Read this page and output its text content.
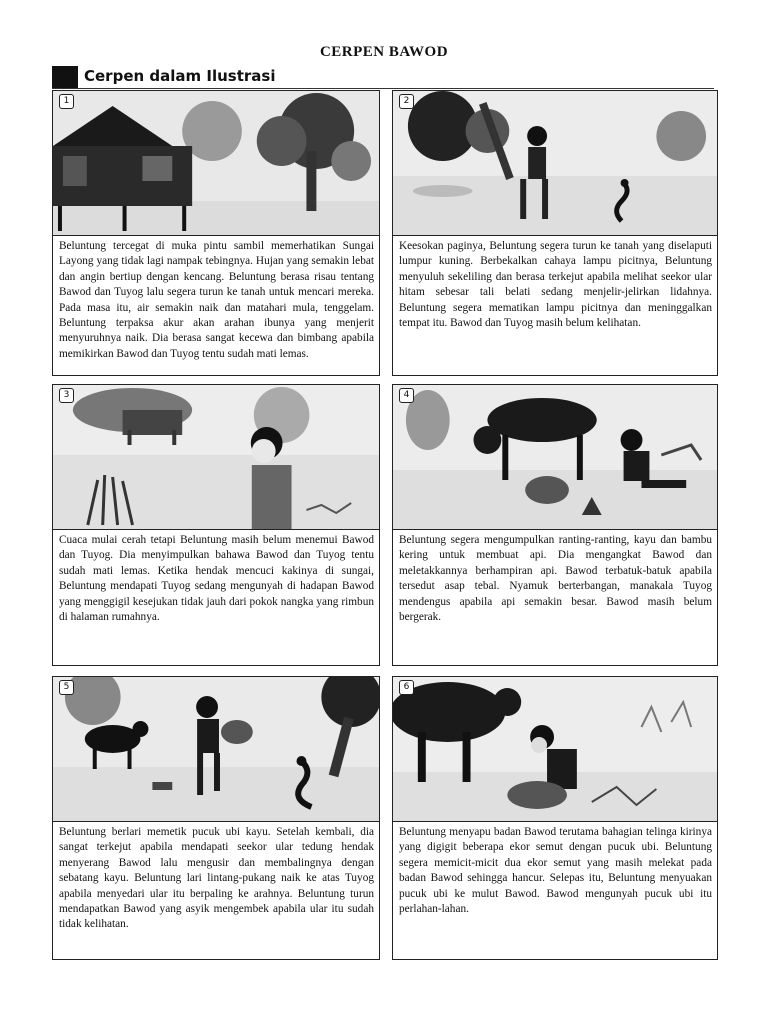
CERPEN BAWOD
Cerpen dalam Ilustrasi
1
Beluntung tercegat di muka pintu sambil memerhatikan Sungai Layong yang tidak lagi nampak tebingnya. Hujan yang semakin lebat dan angin bertiup dengan kencang. Beluntung berasa risau tentang Bawod dan Tuyog lalu segera turun ke tanah untuk mencari mereka. Pada masa itu, air semakin naik dan matahari mula, tenggelam. Beluntung terpaksa akur akan arahan ibunya yang menjerit menyuruhnya naik. Dia berasa sangat kecewa dan bimbang apabila memikirkan Bawod dan Tuyog tentu sudah mati lemas.
2
Keesokan paginya, Beluntung segera turun ke tanah yang diselaputi lumpur kuning. Berbekalkan cahaya lampu picitnya, Beluntung menyuluh sekeliling dan berasa terkejut apabila melihat seekor ular hitam sebesar tali belati sedang menjelir-jelirkan lidahnya. Beluntung segera mematikan lampu picitnya dan meninggalkan tempat itu. Bawod dan Tuyog masih belum kelihatan.
3
Cuaca mulai cerah tetapi Beluntung masih belum menemui Bawod dan Tuyog. Dia menyimpulkan bahawa Bawod dan Tuyog tentu sudah mati lemas. Ketika hendak mencuci kakinya di sungai, Beluntung mendapati Tuyog sedang mengunyah di hadapan Bawod yang menggigil kesejukan tidak jauh dari pokok nangka yang rimbun di halaman rumahnya.
4
Beluntung segera mengumpulkan ranting-ranting, kayu dan bambu kering untuk membuat api. Dia mengangkat Bawod dan meletakkannya berhampiran api. Bawod terbatuk-batuk apabila tersedut asap tebal. Nyamuk berterbangan, manakala Tuyog mendengus apabila api semakin besar. Bawod masih belum bergerak.
5
Beluntung berlari memetik pucuk ubi kayu. Setelah kembali, dia sangat terkejut apabila mendapati seekor ular tedung hendak menyerang Bawod lalu mengusir dan membalingnya dengan sebatang kayu. Beluntung lari lintang-pukang naik ke atas Tuyog apabila menyedari ular itu berpaling ke arahnya. Beluntung turun mendapatkan Bawod yang asyik mengembek apabila ular itu sudah tidak kelihatan.
6
Beluntung menyapu badan Bawod terutama bahagian telinga kirinya yang digigit beberapa ekor semut dengan pucuk ubi. Beluntung segera memicit-micit dua ekor semut yang masih melekat pada badan Bawod sehingga hancur. Selepas itu, Beluntung menyuakan pucuk ubi ke mulut Bawod. Bawod mengunyah pucuk ubi itu perlahan-lahan.
